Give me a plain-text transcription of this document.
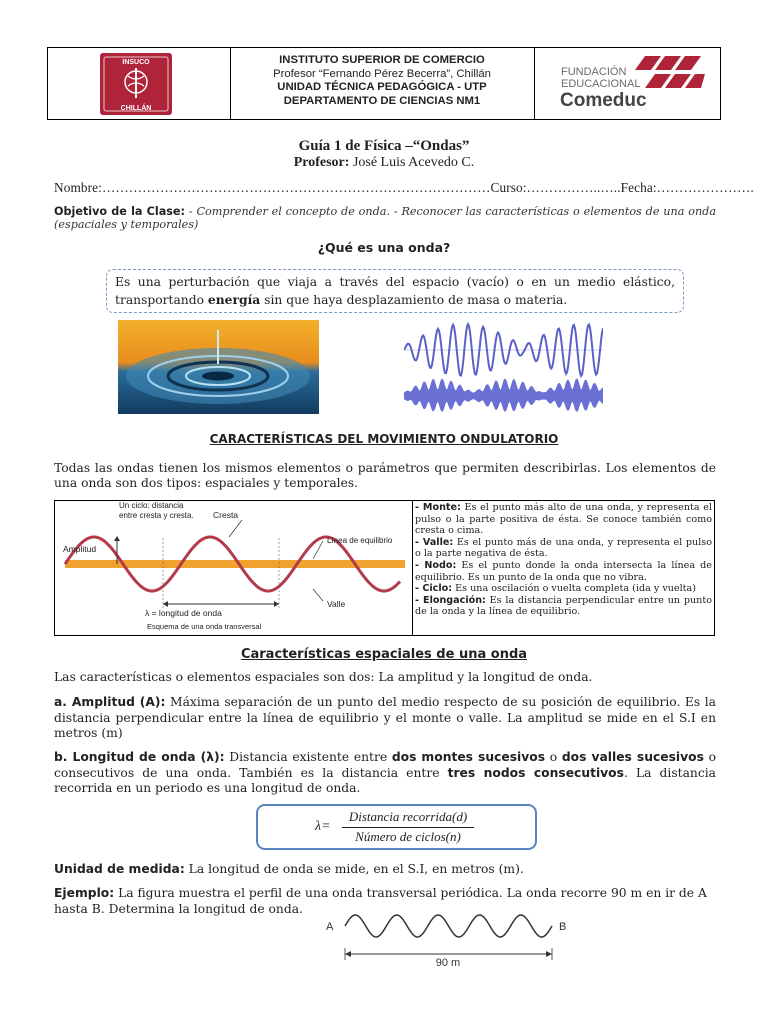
INSUCO
CHILLÁN
INSTITUTO SUPERIOR DE COMERCIO
Profesor “Fernando Pérez Becerra”, Chillán
UNIDAD TÉCNICA PEDAGÓGICA - UTP
DEPARTAMENTO DE CIENCIAS NM1
FUNDACIÓN
EDUCACIONAL
Comeduc
Guía 1 de Física –“Ondas”
Profesor: José Luis Acevedo C.
Nombre:……………………………………………………………………………Curso:……………..…..Fecha:………………….
Objetivo de la Clase: - Comprender el concepto de onda. - Reconocer las características o elementos de una onda (espaciales y temporales)
¿Qué es una onda?
Es una perturbación que viaja a través del espacio (vacío) o en un medio elástico, transportando energía sin que haya desplazamiento de masa o materia.
CARACTERÍSTICAS DEL MOVIMIENTO ONDULATORIO
Todas las ondas tienen los mismos elementos o parámetros que permiten describirlas. Los elementos de una onda son dos tipos: espaciales y temporales.
Un ciclo: distancia
entre cresta y cresta. Cresta
Amplitud
Línea de equilibrio
λ = longitud de onda
Valle
Esquema de una onda transversal

- Monte: Es el punto más alto de una onda, y representa el pulso o la parte positiva de ésta. Se conoce también como cresta o cima.

- Valle: Es el punto más de una onda, y representa el pulso o la parte negativa de ésta.

- Nodo: Es el punto donde la onda intersecta la línea de equilibrio. Es un punto de la onda que no vibra.

- Ciclo: Es una oscilación o vuelta completa (ida y vuelta)

- Elongación: Es la distancia perpendicular entre un punto de la onda y la línea de equilibrio.

Características espaciales de una onda
Las características o elementos espaciales son dos: La amplitud y la longitud de onda.
a. Amplitud (A): Máxima separación de un punto del medio respecto de su posición de equilibrio. Es la distancia perpendicular entre la línea de equilibrio y el monte o valle. La amplitud se mide en el S.I en metros (m)
b. Longitud de onda (λ): Distancia existente entre dos montes sucesivos o dos valles sucesivos o consecutivos de una onda. También es la distancia entre tres nodos consecutivos. La distancia recorrida en un periodo es una longitud de onda.
λ=
Distancia recorrida(d)
Número de ciclos(n)
Unidad de medida: La longitud de onda se mide, en el S.I, en metros (m).
Ejemplo: La figura muestra el perfil de una onda transversal periódica. La onda recorre 90 m en ir de A hasta B. Determina la longitud de onda.
A	B
90 m
